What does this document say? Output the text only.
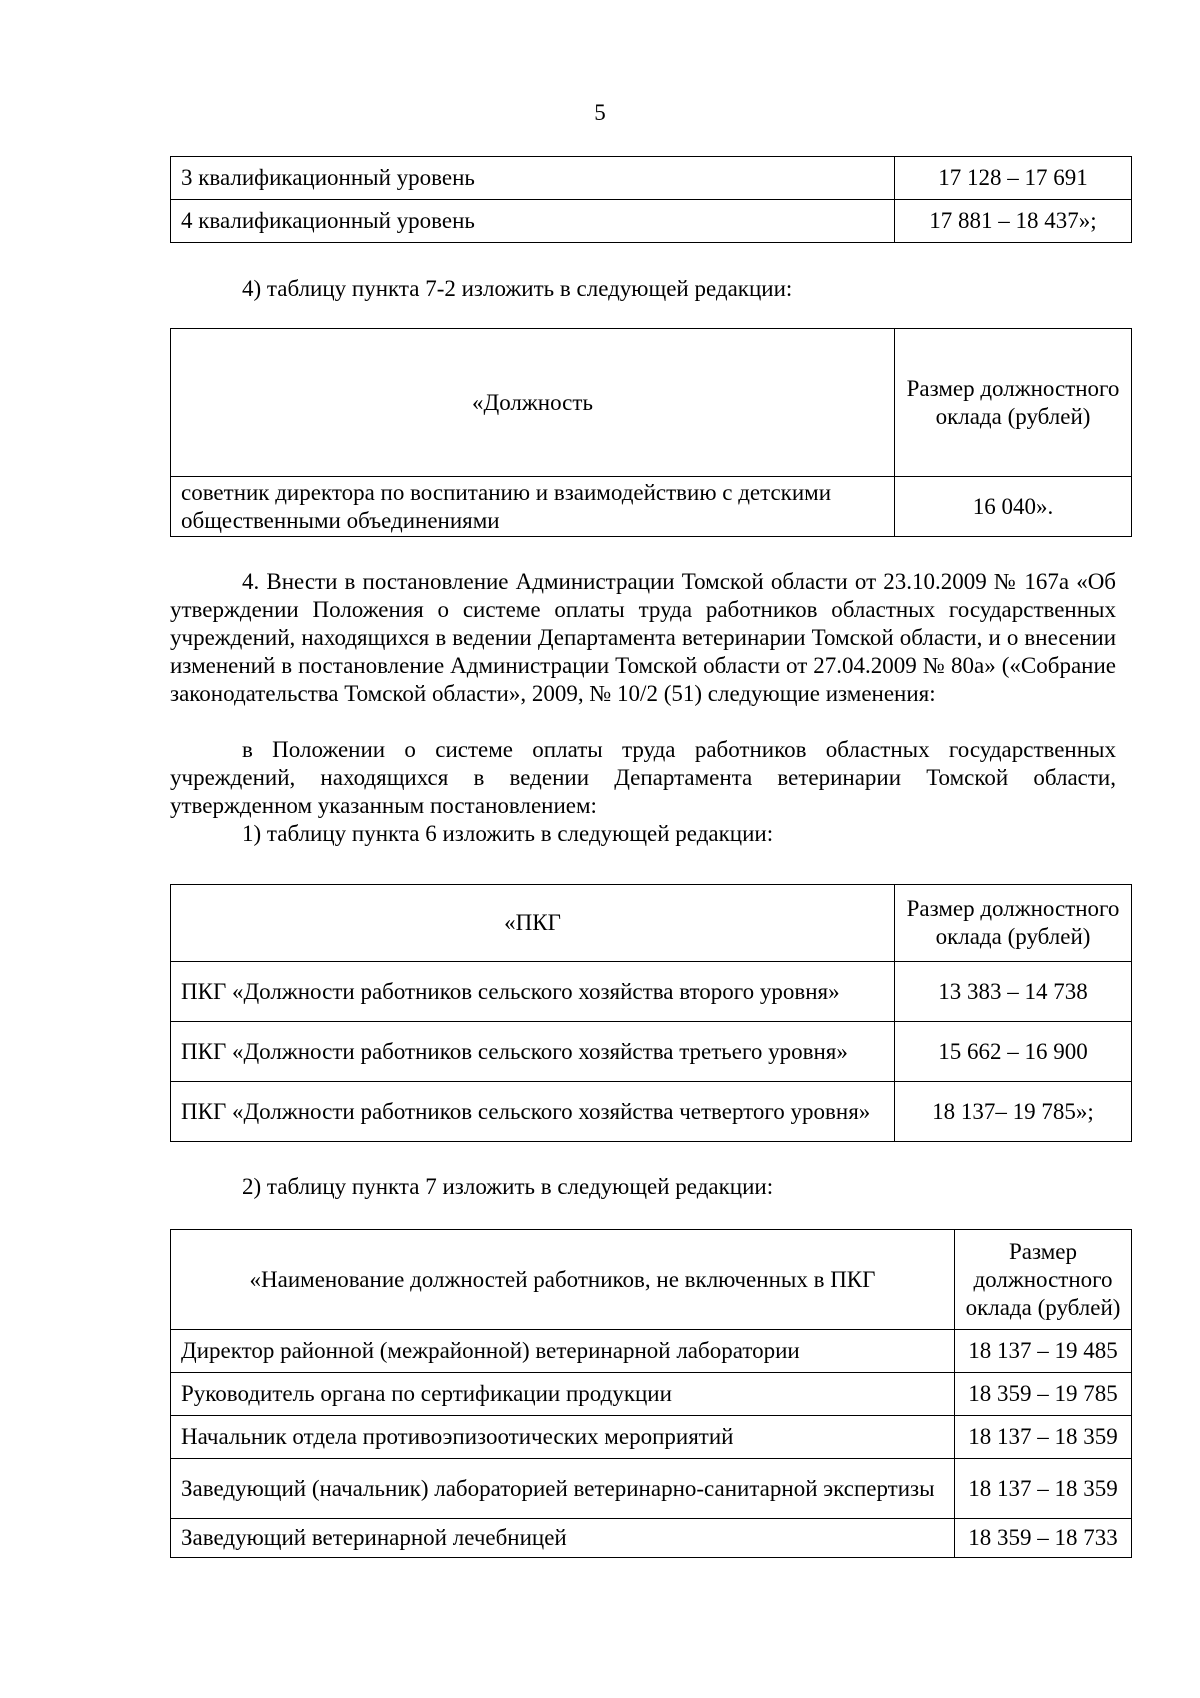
5
3 квалификационный уровень	17 128 – 17 691
4 квалификационный уровень	17 881 – 18 437»;
4) таблицу пункта 7-2 изложить в следующей редакции:
«Должность	Размер должностного оклада (рублей)
советник директора по воспитанию и взаимодействию с детскими общественными объединениями	16 040».
4. Внести в постановление Администрации Томской области от 23.10.2009 № 167а «Об утверждении Положения о системе оплаты труда работников областных государственных учреждений, находящихся в ведении Департамента ветеринарии Томской области, и о внесении изменений в постановление Администрации Томской области от 27.04.2009 № 80а» («Собрание законодательства Томской области», 2009, № 10/2 (51) следующие изменения:
в Положении о системе оплаты труда работников областных государственных учреждений, находящихся в ведении Департамента ветеринарии Томской области, утвержденном указанным постановлением:
1) таблицу пункта 6 изложить в следующей редакции:
«ПКГ	Размер должностного оклада (рублей)
ПКГ «Должности работников сельского хозяйства второго уровня»	13 383 – 14 738
ПКГ «Должности работников сельского хозяйства третьего уровня»	15 662 – 16 900
ПКГ «Должности работников сельского хозяйства четвертого уровня»	18 137– 19 785»;
2) таблицу пункта 7 изложить в следующей редакции:
«Наименование должностей работников, не включенных в ПКГ	Размер должностного оклада (рублей)
Директор районной (межрайонной) ветеринарной лаборатории	18 137 – 19 485
Руководитель органа по сертификации продукции	18 359 – 19 785
Начальник отдела противоэпизоотических мероприятий	18 137 – 18 359
Заведующий (начальник) лабораторией ветеринарно-санитарной экспертизы	18 137 – 18 359
Заведующий ветеринарной лечебницей	18 359 – 18 733
